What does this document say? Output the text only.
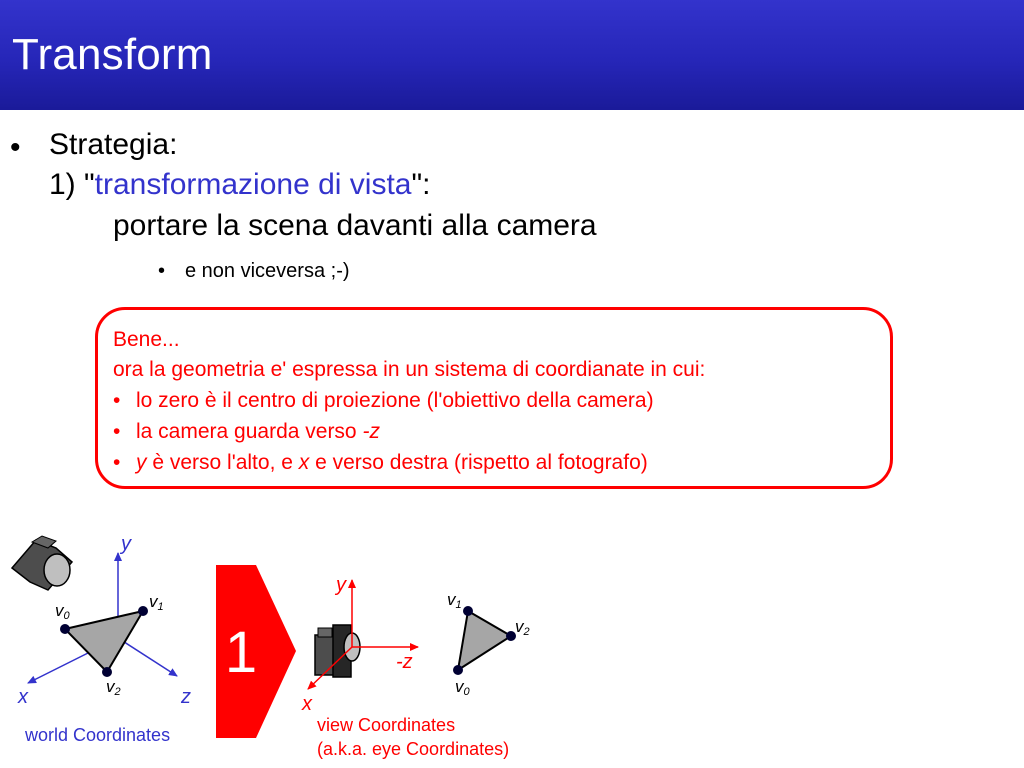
Transform
• Strategia:
1) "transformazione di vista":
portare la scena davanti alla camera
• e non viceversa ;-)
Bene...
ora la geometria e' espressa in un sistema di coordianate in cui:
• lo zero è il centro di proiezione (l'obiettivo della camera)
• la camera guarda verso -z
• y è verso l'alto, e x e verso destra (rispetto al fotografo)
y
x	z
v0
v1
v2
1
y
-z
x
v1
v2
v0
world Coordinates	view Coordinates
(a.k.a. eye Coordinates)
